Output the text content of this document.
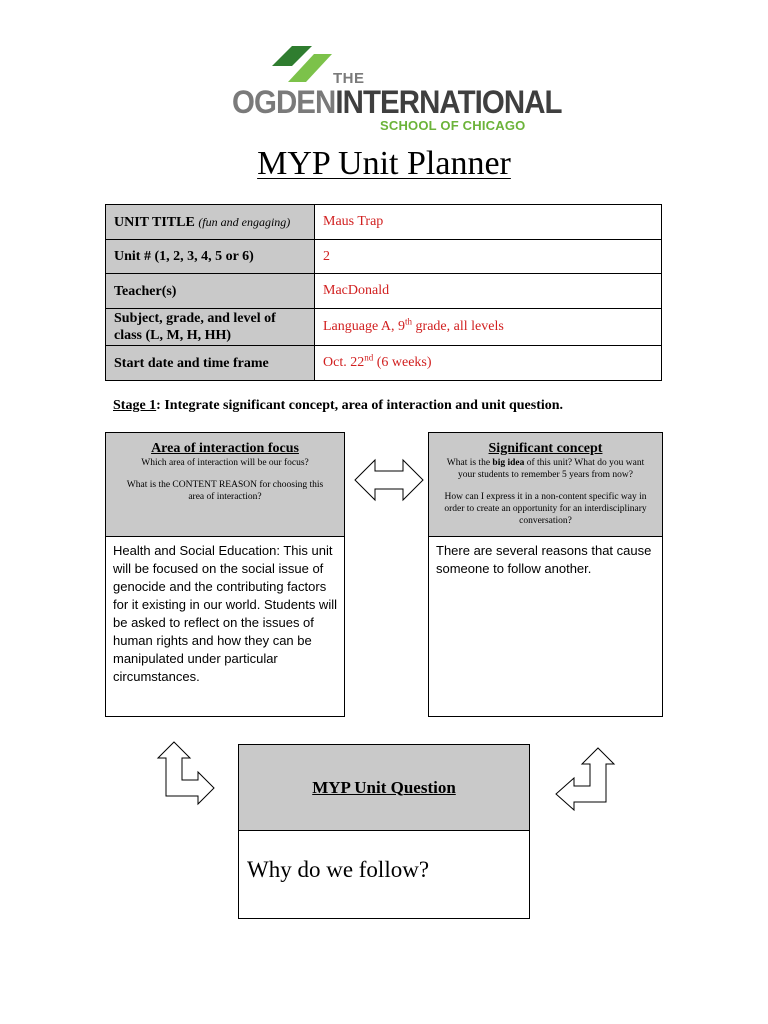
THE
OGDENINTERNATIONAL
SCHOOL OF CHICAGO
MYP Unit Planner
UNIT TITLE (fun and engaging)	Maus Trap
Unit # (1, 2, 3, 4, 5 or 6)	2
Teacher(s)	MacDonald
Subject, grade, and level of class (L, M, H, HH)	Language A, 9th grade, all levels
Start date and time frame	Oct. 22nd (6 weeks)
Stage 1: Integrate significant concept, area of interaction and unit question.
Area of interaction focus
Which area of interaction will be our focus?
What is the CONTENT REASON for choosing this area of interaction?
Health and Social Education: This unit will be focused on the social issue of genocide and the contributing factors for it existing in our world. Students will be asked to reflect on the issues of human rights and how they can be manipulated under particular circumstances.
Significant concept
What is the big idea of this unit? What do you want your students to remember 5 years from now?
How can I express it in a non-content specific way in order to create an opportunity for an interdisciplinary conversation?
There are several reasons that cause someone to follow another.
MYP Unit Question
Why do we follow?
